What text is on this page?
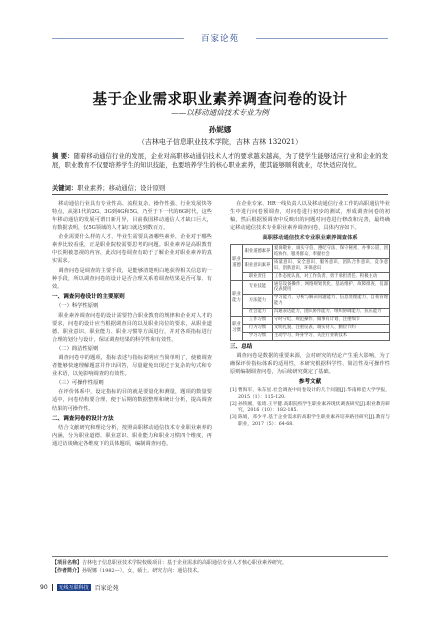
百家论苑
基于企业需求职业素养调查问卷的设计
——以移动通信技术专业为例
孙妮娜
（吉林电子信息职业技术学院，吉林 吉林 132021）
摘 要：随着移动通信行业的发展，企业对高职移动通信技术人才的要求越来越高，为了使学生能够适应行业和企业的发展，职业教育不仅要培养学生的知识技能，也要培养学生的核心职业素养，使其能够顺利就业，尽快适应岗位。
关键词：职业素养；移动通信；设计原则

移动通信行业具有专业性高、流程复杂、操作性强、行业发展快等特点，从第1代的2G、3G到4G和5G，乃至于下一代的6G时代，这些年移动通信的发展可谓日新月异，目前我国移动通信人才缺口巨大，有数据表明，仅5G领域的人才缺口就达到数百万。

企业需要什么样的人才，毕业生需要具备哪些素养，企业对于哪些素养比较看重，正是职业院校需要思考的问题。职业素养是高职教育中长期被忽视的内容，此次问卷调查有助于了解企业对职业素养的真实需求。

调查问卷是调查的主要手段，是能够清楚明白地获得相关信息的一种手段，所以调查问卷的设计是否合理关系着调查结果是否可靠、有效。

一、调查问卷设计的主要原则
（一）科学性原则

职业素养调查问卷的设计需要符合职业教育的规律和企业对人才的要求，问卷的设计应当根据调查目的以及职业岗位的要求，从职业道德、职业意识、职业能力、职业习惯等方面进行，并对各项指标进行合理的划分与设计，保证调查结果的科学性和有效性。

（二）简洁性原则

调查问卷中的题项，指标表述与指标说明应当简单明了，使被调查者能够快速理解题意并作出回答，尽量避免出现过于复杂的句式和专业术语，以免影响调查的有效性。

（三）可操作性原则

在评价体系中，设定指标的目的就是要量化和测量，题项的数量要适中，问卷结构要合理，便于后期的数据整理和统计分析，提高调查结果的可操作性。

二、调查问卷的设计方法

结合文献研究和理论分析，按照高职移动通信技术专业职业素养的内涵，分为职业道德、职业意识、职业能力和职业习惯四个维度，再通过访谈确定各维度下的具体题项，编制调查问卷。

在企业专家、HR一线负责人以及移动通信行业工作的高职通信毕业生中进行问卷预调查，对问卷进行初步的测试，形成调查问卷的初稿，然后根据预调查中反映出的问题对问卷进行修改和完善，最终确定移动通信技术专业职业素养调查问卷，具体内容如下。

高职移动通信技术专业职业素养调查体系
职业道德	职业道德素养	爱岗敬业、诚实守信、遵纪守法、保守秘密、办事公道、团结协作、服务群众、奉献社会
	职业意识素养	质量意识、安全意识、服务意识、团队合作意识、竞争意识、创新意识、环保意识
	职业责任	工作态度认真、对工作负责、勇于承担责任、积极主动
职业能力	专业技能	通信设备操作、网络规划优化、基站维护、故障排查、仪器仪表使用
	方法能力	学习能力、分析与解决问题能力、信息处理能力、自我管理能力
	社会能力	沟通表达能力、团队协作能力、组织协调能力、抗压能力
职业习惯	工作习惯	守时守纪、规范操作、做事有计划、注重细节
	行为习惯	文明礼貌、注重仪表、诚实待人、勤俭节约
	学习习惯	主动学习、终身学习、关注行业新技术
三、总结

调查问卷是数据的重要来源，会对研究的结论产生重大影响，为了确保评价指标体系的适用性，本研究根据科学性、简洁性及可操作性原则编制调查问卷，为后续研究奠定了基础。

参考文献
[1] 曹海军，朱东星.社会调查中问卷设计的几个问题[J].华南师范大学学报，2015（1）：115-120.
[2] 孙铁刚，张琦.王平健.高职院校学生职业素养现状调查研究[J].职业教育研究，2016（10）：182-185.
[3] 陈娟，邓少平.基于企业需求的高职学生职业素养培养路径研究[J].教育与职业，2017（5）：64-68.
【项目名称】吉林电子信息职业技术学院校级项目：基于企业需求的高职通信专业人才核心职业素养研究。
【作者简介】孙妮娜（1982—），女，硕士，研究方向：通信技术。
90	无线互联科技	百家论苑
